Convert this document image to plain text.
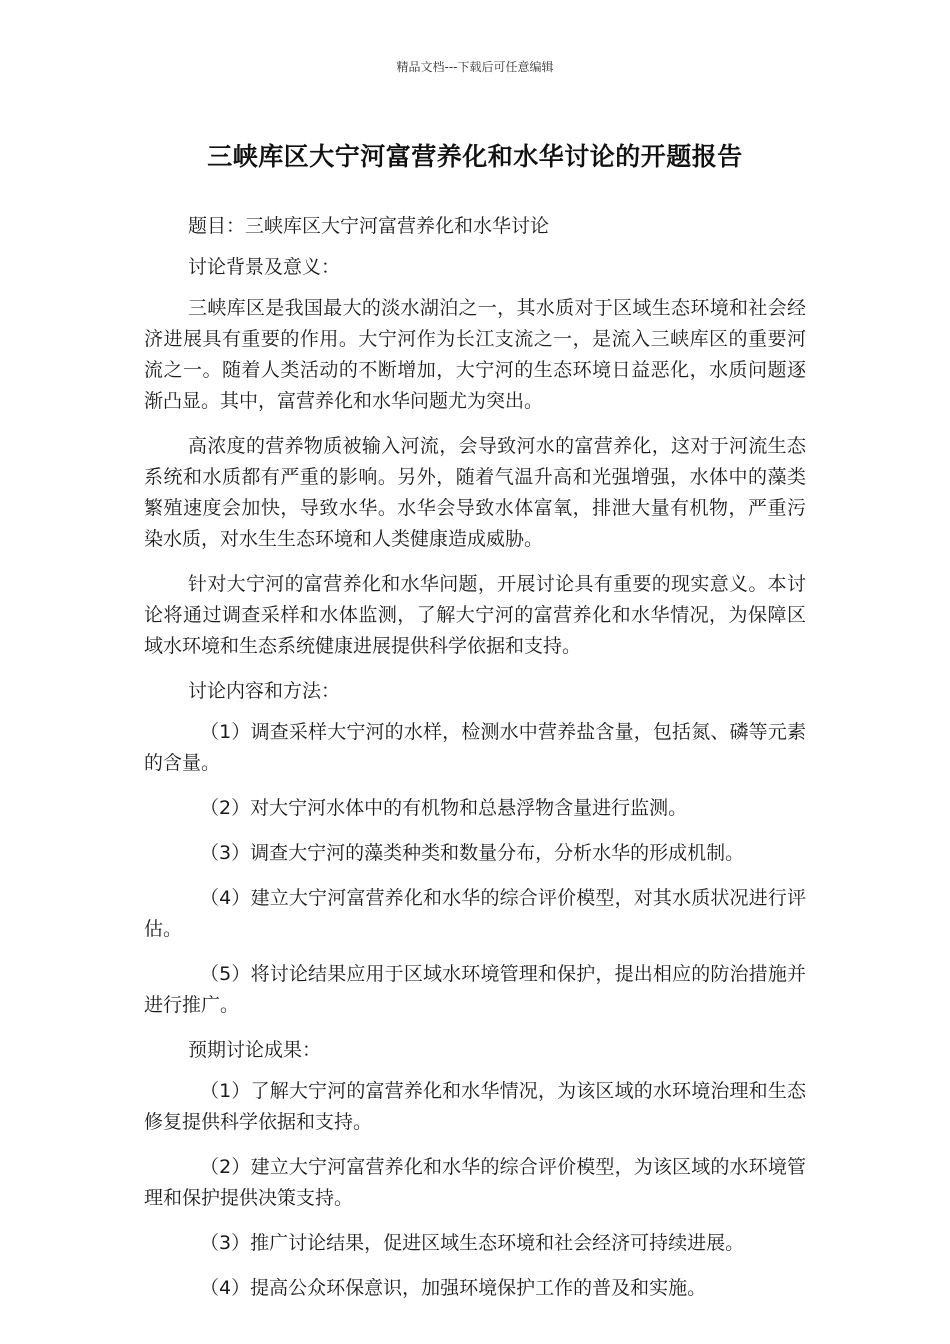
精品文档---下载后可任意编辑
三峡库区大宁河富营养化和水华讨论的开题报告

题目：三峡库区大宁河富营养化和水华讨论

讨论背景及意义：

三峡库区是我国最大的淡水湖泊之一，其水质对于区域生态环境和社会经济进展具有重要的作用。大宁河作为长江支流之一，是流入三峡库区的重要河流之一。随着人类活动的不断增加，大宁河的生态环境日益恶化，水质问题逐渐凸显。其中，富营养化和水华问题尤为突出。

高浓度的营养物质被输入河流，会导致河水的富营养化，这对于河流生态系统和水质都有严重的影响。另外，随着气温升高和光强增强，水体中的藻类繁殖速度会加快，导致水华。水华会导致水体富氧，排泄大量有机物，严重污染水质，对水生生态环境和人类健康造成威胁。

针对大宁河的富营养化和水华问题，开展讨论具有重要的现实意义。本讨论将通过调查采样和水体监测，了解大宁河的富营养化和水华情况，为保障区域水环境和生态系统健康进展提供科学依据和支持。

讨论内容和方法：

（1）调查采样大宁河的水样，检测水中营养盐含量，包括氮、磷等元素的含量。

（2）对大宁河水体中的有机物和总悬浮物含量进行监测。

（3）调查大宁河的藻类种类和数量分布，分析水华的形成机制。

（4）建立大宁河富营养化和水华的综合评价模型，对其水质状况进行评估。

（5）将讨论结果应用于区域水环境管理和保护，提出相应的防治措施并进行推广。

预期讨论成果：

（1）了解大宁河的富营养化和水华情况，为该区域的水环境治理和生态修复提供科学依据和支持。

（2）建立大宁河富营养化和水华的综合评价模型，为该区域的水环境管理和保护提供决策支持。

（3）推广讨论结果，促进区域生态环境和社会经济可持续进展。

（4）提高公众环保意识，加强环境保护工作的普及和实施。
